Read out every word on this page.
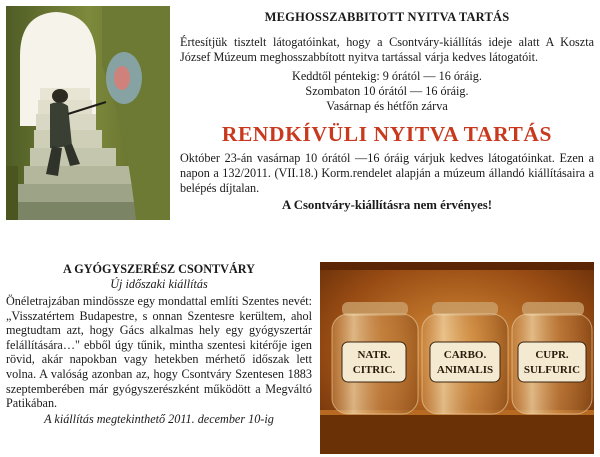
MEGHOSSZABBITOTT NYITVA TARTÁS

Értesítjük tisztelt látogatóinkat, hogy a Csontváry-kiállítás ideje alatt A Koszta József Múzeum meghosszabbított nyitva tartással várja kedves látogatóit.

Keddtől péntekig: 9 órától — 16 óráig.
Szombaton 10 órától — 16 óráig.
Vasárnap és hétfőn zárva
RENDKÍVÜLI NYITVA TARTÁS

Október 23-án vasárnap 10 órától —16 óráig várjuk kedves látogatóinkat. Ezen a napon a 132/2011. (VII.18.) Korm.rendelet alapján a múzeum állandó kiállításaira a belépés díjtalan.

A Csontváry-kiállításra nem érvényes!
A GYÓGYSZERÉSZ CSONTVÁRY
Új időszaki kiállítás

Önéletrajzában mindössze egy mondattal említi Szentes nevét: „Visszatértem Budapestre, s onnan Szentesre kerültem, ahol megtudtam azt, hogy Gács alkalmas hely egy gyógyszertár felállítására…" ebből úgy tűnik, mintha szentesi kitérője igen rövid, akár napokban vagy hetekben mérhető időszak lett volna. A valóság azonban az, hogy Csontváry Szentesen 1883 szeptemberében már gyógyszerészként működött a Megváltó Patikában.

A kiállítás megtekinthető 2011. december 10-ig
NATR.
CITRIC.
CARBO.
ANIMALIS
CUPR.
SULFURIC
